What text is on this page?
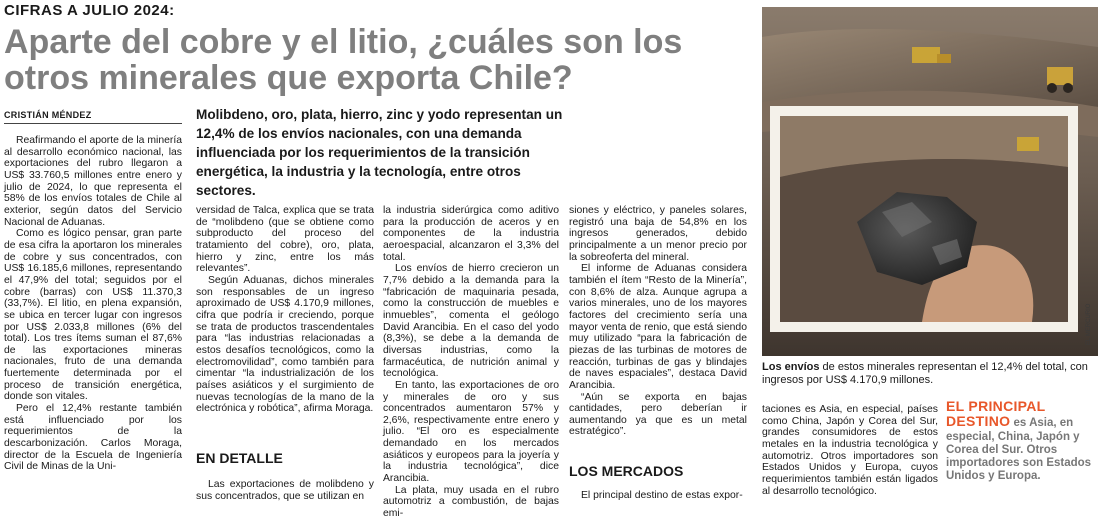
CIFRAS A JULIO 2024:
Aparte del cobre y el litio, ¿cuáles son los otros minerales que exporta Chile?
CRISTIÁN MÉNDEZ	Molibdeno, oro, plata, hierro, zinc y yodo representan un 12,4% de los envíos nacionales, con una demanda influenciada por los requerimientos de la transición energética, la industria y la tecnología, entre otros sectores.

Reafirmando el aporte de la minería al desarrollo económico nacional, las exportaciones del rubro llegaron a US$ 33.760,5 millones entre enero y julio de 2024, lo que representa el 58% de los envíos totales de Chile al exterior, según datos del Servicio Nacional de Aduanas.

Como es lógico pensar, gran parte de esa cifra la aportaron los minerales de cobre y sus concentrados, con US$ 16.185,6 millones, representando el 47,9% del total; seguidos por el cobre (barras) con US$ 11.370,3 (33,7%). El litio, en plena expansión, se ubica en tercer lugar con ingresos por US$ 2.033,8 millones (6% del total). Los tres ítems suman el 87,6% de las exportaciones mineras nacionales, fruto de una demanda fuertemente determinada por el proceso de transición energética, donde son vitales.

Pero el 12,4% restante también está influenciado por los requerimientos de la descarbonización. Carlos Moraga, director de la Escuela de Ingeniería Civil de Minas de la Uni-

versidad de Talca, explica que se trata de “molibdeno (que se obtiene como subproducto del proceso del tratamiento del cobre), oro, plata, hierro y zinc, entre los más relevantes”.

Según Aduanas, dichos minerales son responsables de un ingreso aproximado de US$ 4.170,9 millones, cifra que podría ir creciendo, porque se trata de productos trascendentales para “las industrias relacionadas a estos desafíos tecnológicos, como la electromovilidad”, como también para cimentar “la industrialización de los países asiáticos y el surgimiento de nuevas tecnologías de la mano de la electrónica y robótica”, afirma Moraga.

EN DETALLE

Las exportaciones de molibdeno y sus concentrados, que se utilizan en

la industria siderúrgica como aditivo para la producción de aceros y en componentes de la industria aeroespacial, alcanzaron el 3,3% del total.

Los envíos de hierro crecieron un 7,7% debido a la demanda para la “fabricación de maquinaria pesada, como la construcción de muebles e inmuebles”, comenta el geólogo David Arancibia. En el caso del yodo (8,3%), se debe a la demanda de diversas industrias, como la farmacéutica, de nutrición animal y tecnológica.

En tanto, las exportaciones de oro y minerales de oro y sus concentrados aumentaron 57% y 2,6%, respectivamente entre enero y julio. “El oro es especialmente demandado en los mercados asiáticos y europeos para la joyería y la industria tecnológica”, dice Arancibia.

La plata, muy usada en el rubro automotriz a combustión, de bajas emi-

siones y eléctrico, y paneles solares, registró una baja de 54,8% en los ingresos generados, debido principalmente a un menor precio por la sobreoferta del mineral.

El informe de Aduanas considera también el ítem “Resto de la Minería”, con 8,6% de alza. Aunque agrupa a varios minerales, uno de los mayores factores del crecimiento sería una mayor venta de renio, que está siendo muy utilizado “para la fabricación de piezas de las turbinas de motores de reacción, turbinas de gas y blindajes de naves espaciales”, destaca David Arancibia.

“Aún se exporta en bajas cantidades, pero deberían ir aumentando ya que es un metal estratégico”.

LOS MERCADOS

El principal destino de estas expor-

EL MERCURIO
Los envíos de estos minerales representan el 12,4% del total, con ingresos por US$ 4.170,9 millones.

taciones es Asia, en especial, países como China, Japón y Corea del Sur, grandes consumidores de estos metales en la industria tecnológica y automotriz. Otros importadores son Estados Unidos y Europa, cuyos requerimientos también están ligados al desarrollo tecnológico.

EL PRINCIPAL DESTINO es Asia, en especial, China, Japón y Corea del Sur. Otros importadores son Estados Unidos y Europa.
